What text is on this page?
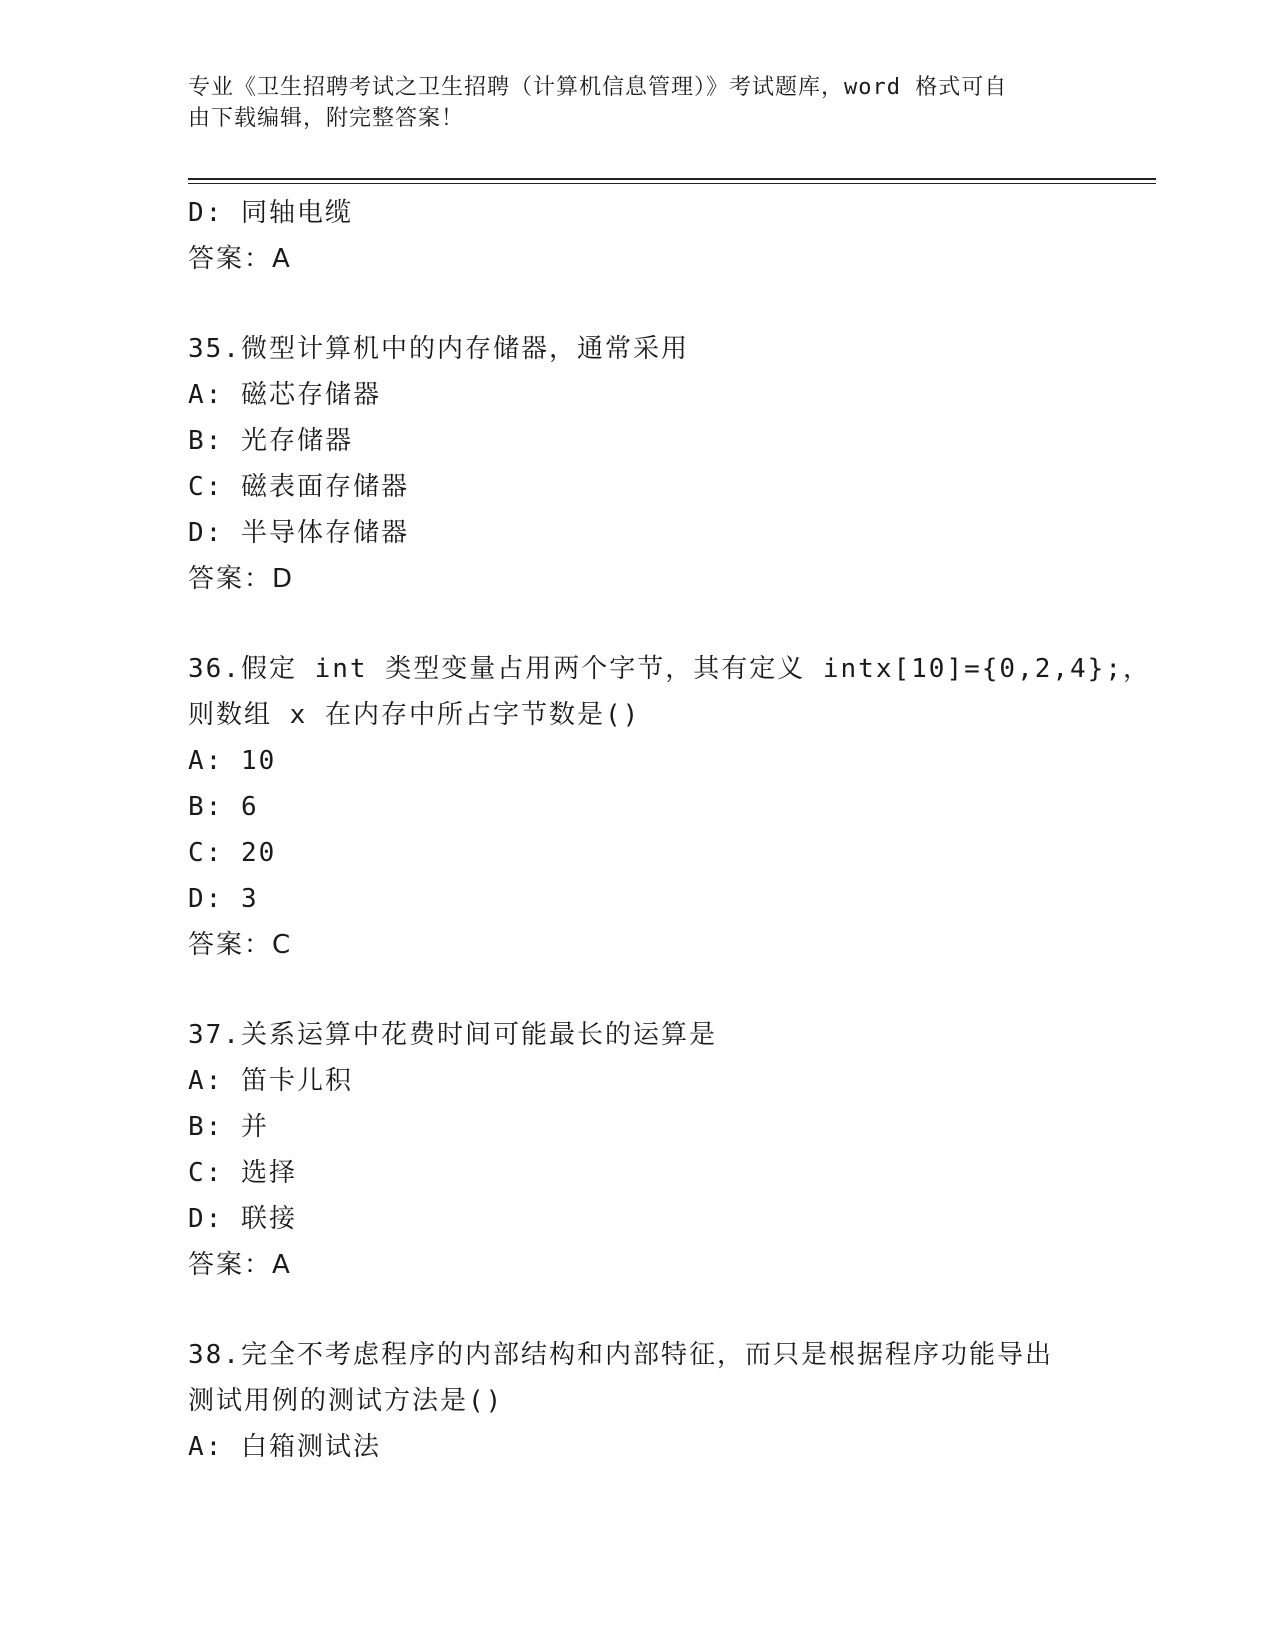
专业《卫生招聘考试之卫生招聘（计算机信息管理）》考试题库，word 格式可自
由下载编辑，附完整答案！
D: 同轴电缆
答案：A
35.微型计算机中的内存储器，通常采用
A: 磁芯存储器
B: 光存储器
C: 磁表面存储器
D: 半导体存储器
答案：D
36.假定 int 类型变量占用两个字节，其有定义 intx[10]={0,2,4};，
则数组 x 在内存中所占字节数是()
A: 10
B: 6
C: 20
D: 3
答案：C
37.关系运算中花费时间可能最长的运算是
A: 笛卡儿积
B: 并
C: 选择
D: 联接
答案：A
38.完全不考虑程序的内部结构和内部特征，而只是根据程序功能导出
测试用例的测试方法是()
A: 白箱测试法
